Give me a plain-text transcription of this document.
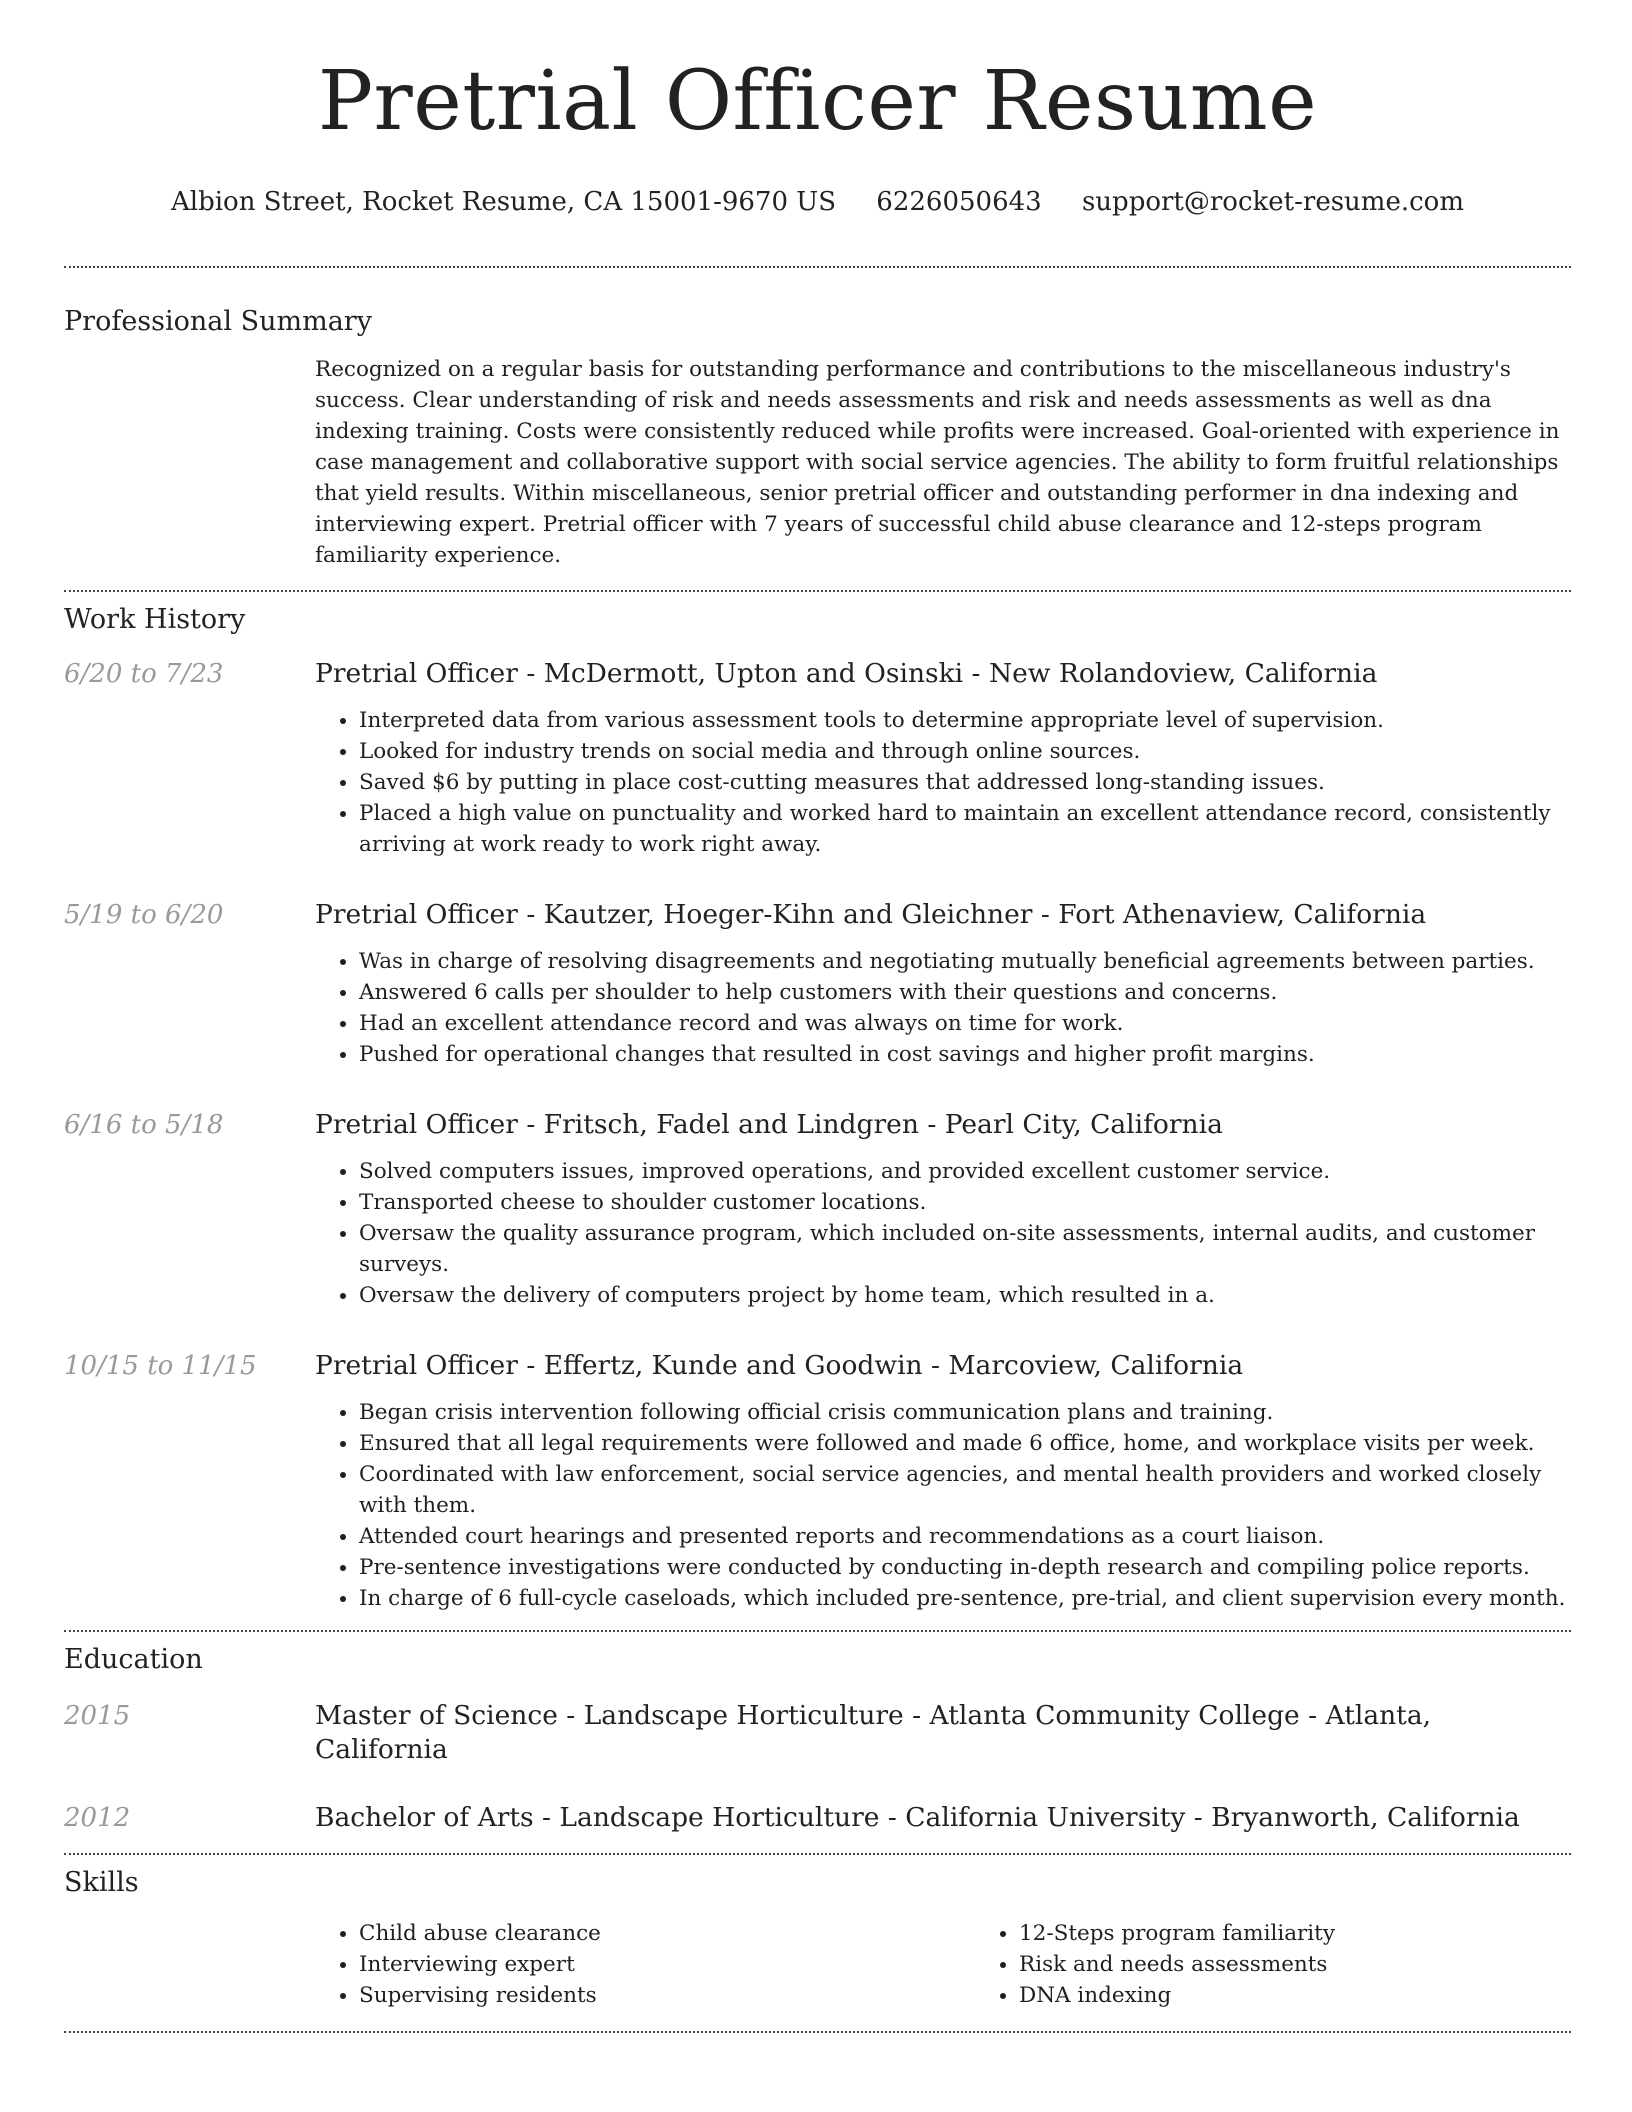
Pretrial Officer Resume
Albion Street, Rocket Resume, CA 15001-9670 US 6226050643 support@rocket-resume.com
Professional Summary
Recognized on a regular basis for outstanding performance and contributions to the miscellaneous industry's success. Clear understanding of risk and needs assessments and risk and needs assessments as well as dna indexing training. Costs were consistently reduced while profits were increased. Goal-oriented with experience in case management and collaborative support with social service agencies. The ability to form fruitful relationships that yield results. Within miscellaneous, senior pretrial officer and outstanding performer in dna indexing and interviewing expert. Pretrial officer with 7 years of successful child abuse clearance and 12-steps program familiarity experience.
Work History
6/20 to 7/23	Pretrial Officer - McDermott, Upton and Osinski - New Rolandoview, California
• Interpreted data from various assessment tools to determine appropriate level of supervision.
• Looked for industry trends on social media and through online sources.
• Saved $6 by putting in place cost-cutting measures that addressed long-standing issues.
• Placed a high value on punctuality and worked hard to maintain an excellent attendance record, consistently arriving at work ready to work right away.
5/19 to 6/20	Pretrial Officer - Kautzer, Hoeger-Kihn and Gleichner - Fort Athenaview, California
• Was in charge of resolving disagreements and negotiating mutually beneficial agreements between parties.
• Answered 6 calls per shoulder to help customers with their questions and concerns.
• Had an excellent attendance record and was always on time for work.
• Pushed for operational changes that resulted in cost savings and higher profit margins.
6/16 to 5/18	Pretrial Officer - Fritsch, Fadel and Lindgren - Pearl City, California
• Solved computers issues, improved operations, and provided excellent customer service.
• Transported cheese to shoulder customer locations.
• Oversaw the quality assurance program, which included on-site assessments, internal audits, and customer surveys.
• Oversaw the delivery of computers project by home team, which resulted in a.
10/15 to 11/15	Pretrial Officer - Effertz, Kunde and Goodwin - Marcoview, California
• Began crisis intervention following official crisis communication plans and training.
• Ensured that all legal requirements were followed and made 6 office, home, and workplace visits per week.
• Coordinated with law enforcement, social service agencies, and mental health providers and worked closely with them.
• Attended court hearings and presented reports and recommendations as a court liaison.
• Pre-sentence investigations were conducted by conducting in-depth research and compiling police reports.
• In charge of 6 full-cycle caseloads, which included pre-sentence, pre-trial, and client supervision every month.
Education
2015	Master of Science - Landscape Horticulture - Atlanta Community College - Atlanta, California
2012	Bachelor of Arts - Landscape Horticulture - California University - Bryanworth, California
Skills
• Child abuse clearance
• Interviewing expert
• Supervising residents
• 12-Steps program familiarity
• Risk and needs assessments
• DNA indexing
